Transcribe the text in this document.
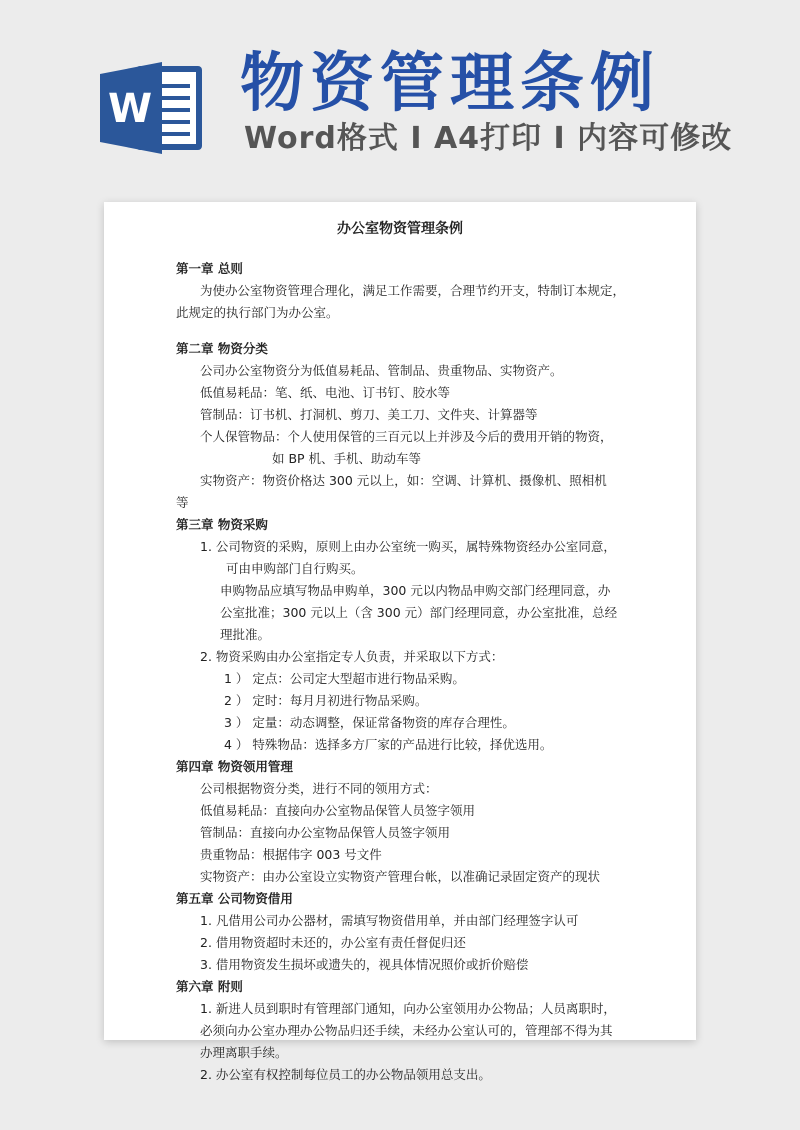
W 物资管理条例
Word格式 I A4打印 I 内容可修改
办公室物资管理条例
第一章 总则
为使办公室物资管理合理化，满足工作需要，合理节约开支，特制订本规定，
此规定的执行部门为办公室。
第二章 物资分类
公司办公室物资分为低值易耗品、管制品、贵重物品、实物资产。
低值易耗品：笔、纸、电池、订书钉、胶水等
管制品：订书机、打洞机、剪刀、美工刀、文件夹、计算器等
个人保管物品：个人使用保管的三百元以上并涉及今后的费用开销的物资，
如 BP 机、手机、助动车等
实物资产：物资价格达 300 元以上，如：空调、计算机、摄像机、照相机
等
第三章 物资采购
1. 公司物资的采购，原则上由办公室统一购买，属特殊物资经办公室同意，
可由申购部门自行购买。
申购物品应填写物品申购单，300 元以内物品申购交部门经理同意，办
公室批准；300 元以上（含 300 元）部门经理同意，办公室批准，总经
理批准。
2. 物资采购由办公室指定专人负责，并采取以下方式：
1 ） 定点：公司定大型超市进行物品采购。
2 ） 定时：每月月初进行物品采购。
3 ） 定量：动态调整，保证常备物资的库存合理性。
4 ） 特殊物品：选择多方厂家的产品进行比较，择优选用。
第四章 物资领用管理
公司根据物资分类，进行不同的领用方式：
低值易耗品：直接向办公室物品保管人员签字领用
管制品：直接向办公室物品保管人员签字领用
贵重物品：根据伟字 003 号文件
实物资产：由办公室设立实物资产管理台帐，以准确记录固定资产的现状
第五章 公司物资借用
1. 凡借用公司办公器材，需填写物资借用单，并由部门经理签字认可
2. 借用物资超时未还的，办公室有责任督促归还
3. 借用物资发生损坏或遗失的，视具体情况照价或折价赔偿
第六章 附则
1. 新进人员到职时有管理部门通知，向办公室领用办公物品；人员离职时，
必须向办公室办理办公物品归还手续，未经办公室认可的，管理部不得为其
办理离职手续。
2. 办公室有权控制每位员工的办公物品领用总支出。
